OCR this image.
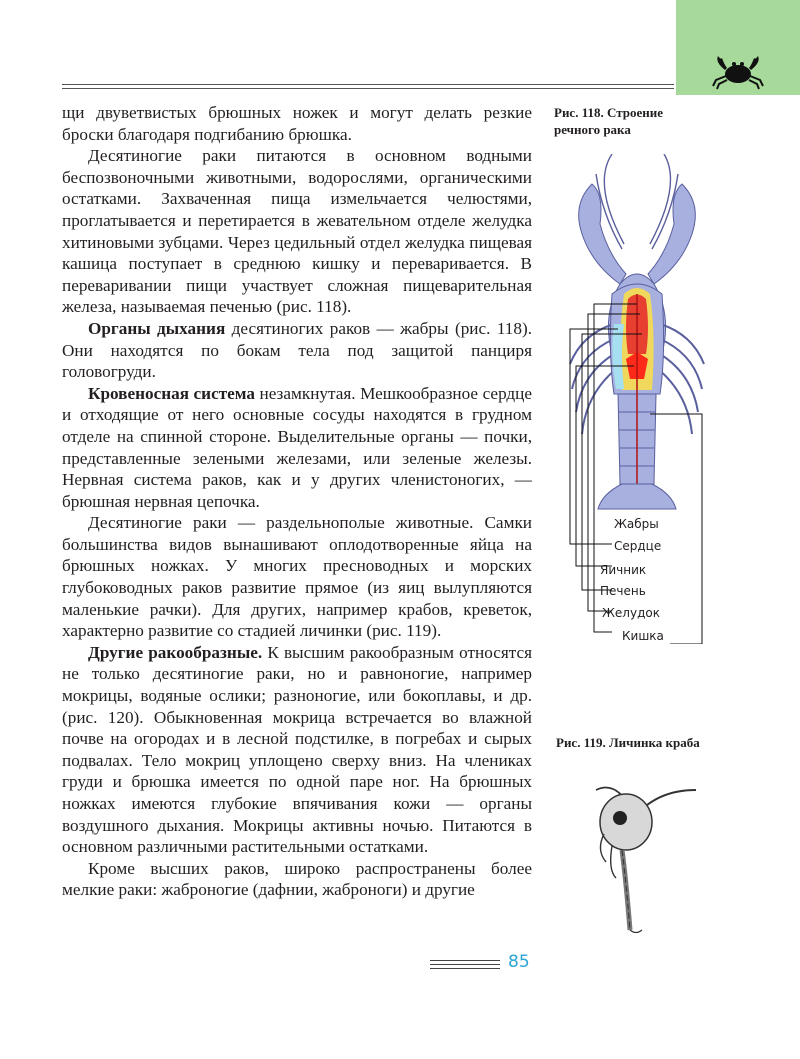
щи двуветвистых брюшных ножек и могут делать резкие броски благодаря подгибанию брюшка.

Десятиногие раки питаются в основном водными беспозвоночными животными, водорослями, органическими остатками. Захваченная пища измельчается челюстями, проглатывается и перетирается в жевательном отделе желудка хитиновыми зубцами. Через цедильный отдел желудка пищевая кашица поступает в среднюю кишку и переваривается. В переваривании пищи участвует сложная пищеварительная железа, называемая печенью (рис. 118).

Органы дыхания десятиногих раков — жабры (рис. 118). Они находятся по бокам тела под защитой панциря головогруди.

Кровеносная система незамкнутая. Мешкообразное сердце и отходящие от него основные сосуды находятся в грудном отделе на спинной стороне. Выделительные органы — почки, представленные зелеными железами, или зеленые железы. Нервная система раков, как и у других членистоногих, — брюшная нервная цепочка.

Десятиногие раки — раздельнополые животные. Самки большинства видов вынашивают оплодотворенные яйца на брюшных ножках. У многих пресноводных и морских глубоководных раков развитие прямое (из яиц вылупляются маленькие рачки). Для других, например крабов, креветок, характерно развитие со стадией личинки (рис. 119).

Другие ракообразные. К высшим ракообразным относятся не только десятиногие раки, но и равноногие, например мокрицы, водяные ослики; разноногие, или бокоплавы, и др. (рис. 120). Обыкновенная мокрица встречается во влажной почве на огородах и в лесной подстилке, в погребах и сырых подвалах. Тело мокриц уплощено сверху вниз. На члениках груди и брюшка имеется по одной паре ног. На брюшных ножках имеются глубокие впячивания кожи — органы воздушного дыхания. Мокрицы активны ночью. Питаются в основном различными растительными остатками.

Кроме высших раков, широко распространены более мелкие раки: жаброногие (дафнии, жаброноги) и другие

Рис. 118. Строение
речного рака
Жабры
Сердце
Яичник
Печень
Желудок
Кишка
Рис. 119. Личинка краба
85
